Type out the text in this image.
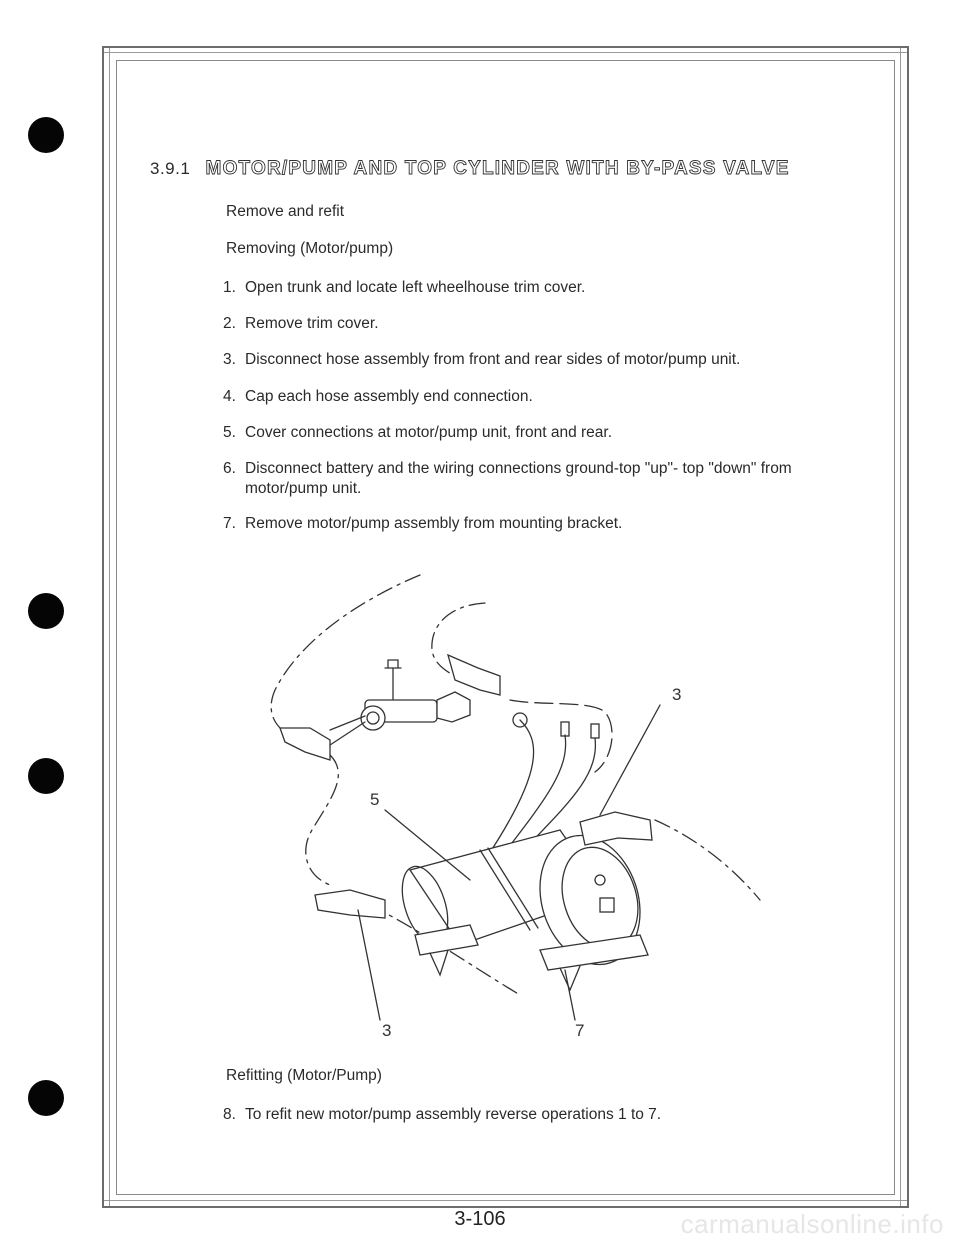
3.9.1 MOTOR/PUMP AND TOP CYLINDER WITH BY-PASS VALVE
Remove and refit
Removing (Motor/pump)
1. Open trunk and locate left wheelhouse trim cover.
2. Remove trim cover.
3. Disconnect hose assembly from front and rear sides of motor/pump unit.
4. Cap each hose assembly end connection.
5. Cover connections at motor/pump unit, front and rear.
6. Disconnect battery and the wiring connections ground-top "up"- top "down" from
motor/pump unit.
7. Remove motor/pump assembly from mounting bracket.
3
5
3	7
Refitting (Motor/Pump)
8. To refit new motor/pump assembly reverse operations 1 to 7.
3-106	carmanualsonline.info
